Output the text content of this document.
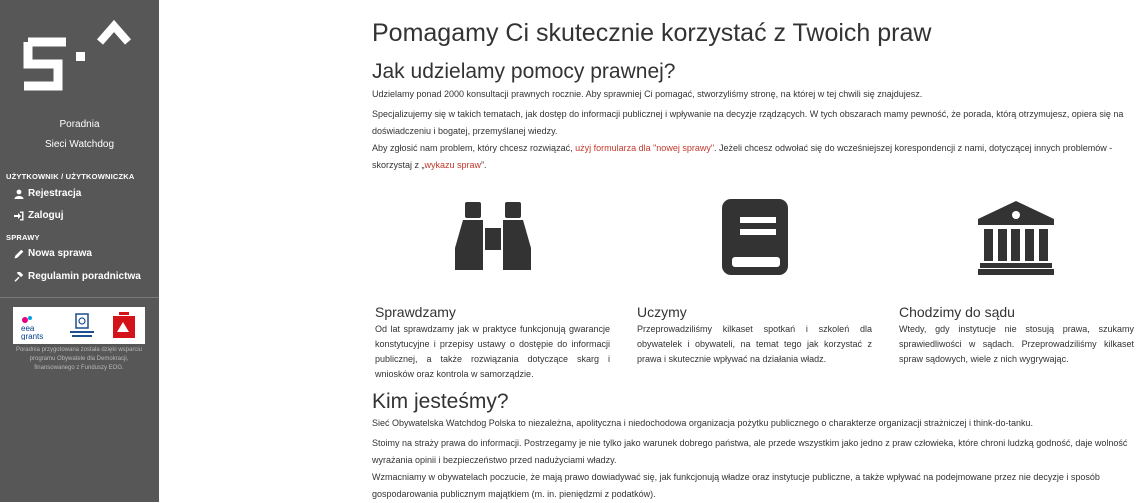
Poradnia
Sieci Watchdog
UŻYTKOWNIK / UŻYTKOWNICZKA
Rejestracja
Zaloguj
SPRAWY
Nowa sprawa
Regulamin poradnictwa
eea
grants
Poradnia przygotowana została dzięki wsparciu programu Obywatele dla Demokracji, finansowanego z Funduszy EOG.
Pomagamy Ci skutecznie korzystać z Twoich praw
Jak udzielamy pomocy prawnej?

Udzielamy ponad 2000 konsultacji prawnych rocznie. Aby sprawniej Ci pomagać, stworzyliśmy stronę, na której w tej chwili się znajdujesz.

Specjalizujemy się w takich tematach, jak dostęp do informacji publicznej i wpływanie na decyzje rządzących. W tych obszarach mamy pewność, że porada, którą otrzymujesz, opiera się na doświadczeniu i bogatej, przemyślanej wiedzy.

Aby zgłosić nam problem, który chcesz rozwiązać, użyj formularza dla "nowej sprawy". Jeżeli chcesz odwołać się do wcześniejszej korespondencji z nami, dotyczącej innych problemów - skorzystaj z „wykazu spraw”.

Sprawdzamy

Od lat sprawdzamy jak w praktyce funkcjonują gwarancje konstytucyjne i przepisy ustawy o dostępie do informacji publicznej, a także rozwiązania dotyczące skarg i wniosków oraz kontrola w samorządzie.

Uczymy

Przeprowadziliśmy kilkaset spotkań i szkoleń dla obywatelek i obywateli, na temat tego jak korzystać z prawa i skutecznie wpływać na działania władz.

Chodzimy do sądu

Wtedy, gdy instytucje nie stosują prawa, szukamy sprawiedliwości w sądach. Przeprowadziliśmy kilkaset spraw sądowych, wiele z nich wygrywając.

Kim jesteśmy?

Sieć Obywatelska Watchdog Polska to niezależna, apolityczna i niedochodowa organizacja pożytku publicznego o charakterze organizacji strażniczej i think-do-tanku.

Stoimy na straży prawa do informacji. Postrzegamy je nie tylko jako warunek dobrego państwa, ale przede wszystkim jako jedno z praw człowieka, które chroni ludzką godność, daje wolność wyrażania opinii i bezpieczeństwo przed nadużyciami władzy.

Wzmacniamy w obywatelach poczucie, że mają prawo dowiadywać się, jak funkcjonują władze oraz instytucje publiczne, a także wpływać na podejmowane przez nie decyzje i sposób gospodarowania publicznym majątkiem (m. in. pieniędzmi z podatków).
